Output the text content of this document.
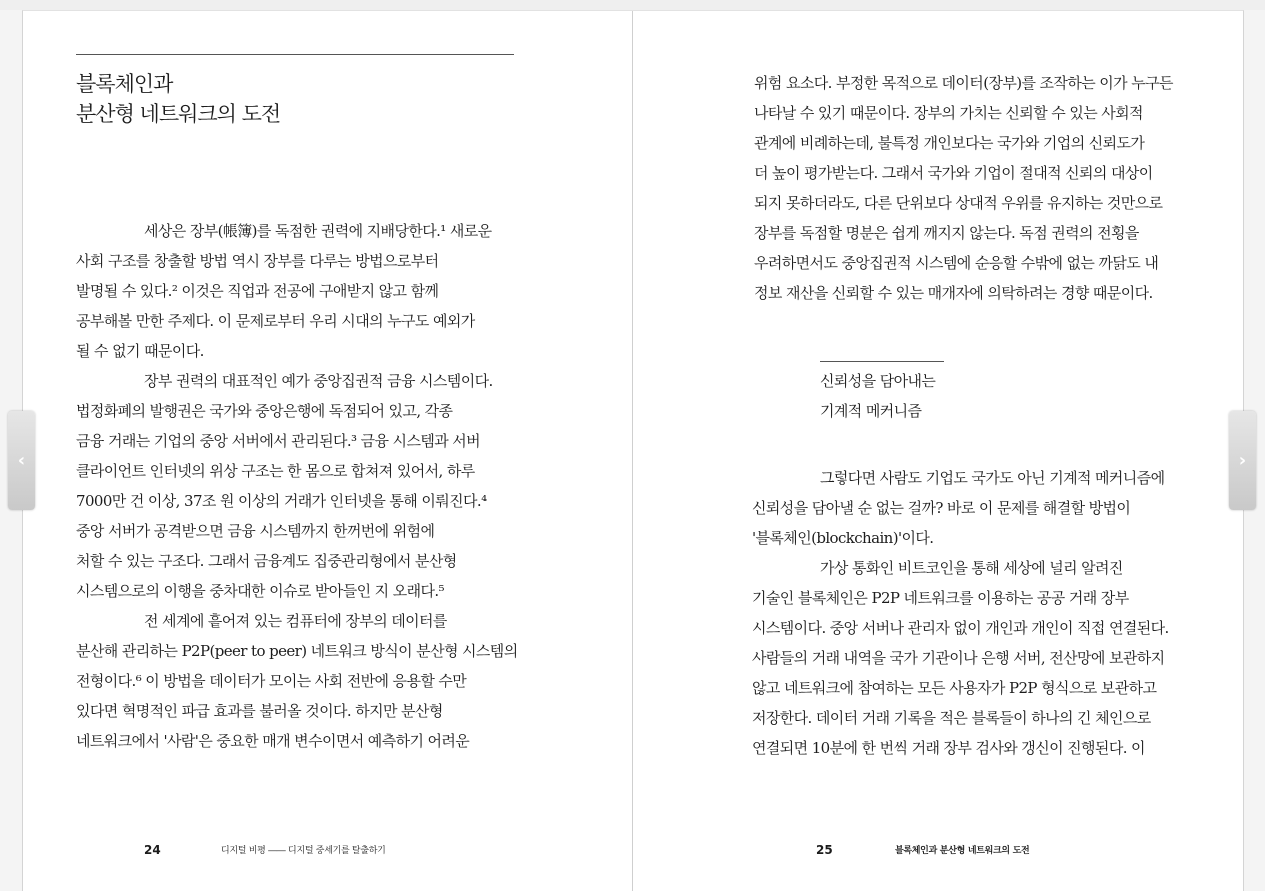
블록체인과
분산형 네트워크의 도전
세상은 장부(帳簿)를 독점한 권력에 지배당한다.¹ 새로운
사회 구조를 창출할 방법 역시 장부를 다루는 방법으로부터
발명될 수 있다.² 이것은 직업과 전공에 구애받지 않고 함께
공부해볼 만한 주제다. 이 문제로부터 우리 시대의 누구도 예외가
될 수 없기 때문이다.
장부 권력의 대표적인 예가 중앙집권적 금융 시스템이다.
법정화폐의 발행권은 국가와 중앙은행에 독점되어 있고, 각종
금융 거래는 기업의 중앙 서버에서 관리된다.³ 금융 시스템과 서버
클라이언트 인터넷의 위상 구조는 한 몸으로 합쳐져 있어서, 하루
7000만 건 이상, 37조 원 이상의 거래가 인터넷을 통해 이뤄진다.⁴
중앙 서버가 공격받으면 금융 시스템까지 한꺼번에 위험에
처할 수 있는 구조다. 그래서 금융계도 집중관리형에서 분산형
시스템으로의 이행을 중차대한 이슈로 받아들인 지 오래다.⁵
전 세계에 흩어져 있는 컴퓨터에 장부의 데이터를
분산해 관리하는 P2P(peer to peer) 네트워크 방식이 분산형 시스템의
전형이다.⁶ 이 방법을 데이터가 모이는 사회 전반에 응용할 수만
있다면 혁명적인 파급 효과를 불러올 것이다. 하지만 분산형
네트워크에서 '사람'은 중요한 매개 변수이면서 예측하기 어려운
24	디지털 비평 ―― 디지털 중세기를 탈출하기
위험 요소다. 부정한 목적으로 데이터(장부)를 조작하는 이가 누구든
나타날 수 있기 때문이다. 장부의 가치는 신뢰할 수 있는 사회적
관계에 비례하는데, 불특정 개인보다는 국가와 기업의 신뢰도가
더 높이 평가받는다. 그래서 국가와 기업이 절대적 신뢰의 대상이
되지 못하더라도, 다른 단위보다 상대적 우위를 유지하는 것만으로
장부를 독점할 명분은 쉽게 깨지지 않는다. 독점 권력의 전횡을
우려하면서도 중앙집권적 시스템에 순응할 수밖에 없는 까닭도 내
정보 재산을 신뢰할 수 있는 매개자에 의탁하려는 경향 때문이다.
신뢰성을 담아내는
기계적 메커니즘
그렇다면 사람도 기업도 국가도 아닌 기계적 메커니즘에
신뢰성을 담아낼 순 없는 걸까? 바로 이 문제를 해결할 방법이
'블록체인(blockchain)'이다.
가상 통화인 비트코인을 통해 세상에 널리 알려진
기술인 블록체인은 P2P 네트워크를 이용하는 공공 거래 장부
시스템이다. 중앙 서버나 관리자 없이 개인과 개인이 직접 연결된다.
사람들의 거래 내역을 국가 기관이나 은행 서버, 전산망에 보관하지
않고 네트워크에 참여하는 모든 사용자가 P2P 형식으로 보관하고
저장한다. 데이터 거래 기록을 적은 블록들이 하나의 긴 체인으로
연결되면 10분에 한 번씩 거래 장부 검사와 갱신이 진행된다. 이
25	블록체인과 분산형 네트워크의 도전
‹	›
